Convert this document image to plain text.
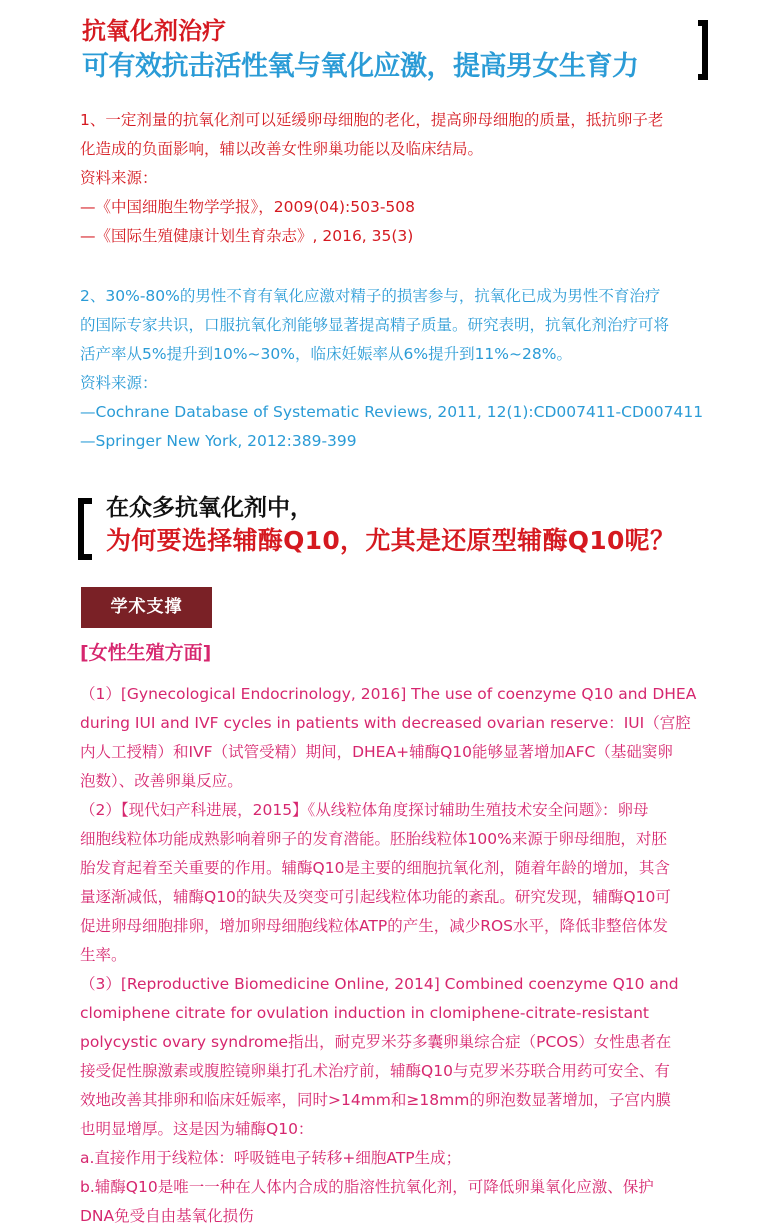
抗氧化剂治疗
可有效抗击活性氧与氧化应激，提高男女生育力
1、一定剂量的抗氧化剂可以延缓卵母细胞的老化，提高卵母细胞的质量，抵抗卵子老
化造成的负面影响，辅以改善女性卵巢功能以及临床结局。
资料来源：
—《中国细胞生物学学报》，2009(04):503-508
—《国际生殖健康计划生育杂志》, 2016, 35(3)
2、30%-80%的男性不育有氧化应激对精子的损害参与，抗氧化已成为男性不育治疗
的国际专家共识，口服抗氧化剂能够显著提高精子质量。研究表明，抗氧化剂治疗可将
活产率从5%提升到10%~30%，临床妊娠率从6%提升到11%~28%。
资料来源：
—Cochrane Database of Systematic Reviews, 2011, 12(1):CD007411-CD007411
—Springer New York, 2012:389-399
在众多抗氧化剂中，
为何要选择辅酶Q10，尤其是还原型辅酶Q10呢？
学术支撑
[女性生殖方面]
（1）[Gynecological Endocrinology, 2016] The use of coenzyme Q10 and DHEA
during IUI and IVF cycles in patients with decreased ovarian reserve：IUI（宫腔
内人工授精）和IVF（试管受精）期间，DHEA+辅酶Q10能够显著增加AFC（基础窦卵
泡数）、改善卵巢反应。
（2）【现代妇产科进展，2015】《从线粒体角度探讨辅助生殖技术安全问题》：卵母
细胞线粒体功能成熟影响着卵子的发育潜能。胚胎线粒体100%来源于卵母细胞，对胚
胎发育起着至关重要的作用。辅酶Q10是主要的细胞抗氧化剂，随着年龄的增加，其含
量逐渐减低，辅酶Q10的缺失及突变可引起线粒体功能的紊乱。研究发现，辅酶Q10可
促进卵母细胞排卵，增加卵母细胞线粒体ATP的产生，减少ROS水平，降低非整倍体发
生率。
（3）[Reproductive Biomedicine Online, 2014] Combined coenzyme Q10 and
clomiphene citrate for ovulation induction in clomiphene-citrate-resistant
polycystic ovary syndrome指出，耐克罗米芬多囊卵巢综合症（PCOS）女性患者在
接受促性腺激素或腹腔镜卵巢打孔术治疗前，辅酶Q10与克罗米芬联合用药可安全、有
效地改善其排卵和临床妊娠率，同时>14mm和≥18mm的卵泡数显著增加，子宫内膜
也明显增厚。这是因为辅酶Q10：
a.直接作用于线粒体：呼吸链电子转移+细胞ATP生成；
b.辅酶Q10是唯一一种在人体内合成的脂溶性抗氧化剂，可降低卵巢氧化应激、保护
DNA免受自由基氧化损伤
